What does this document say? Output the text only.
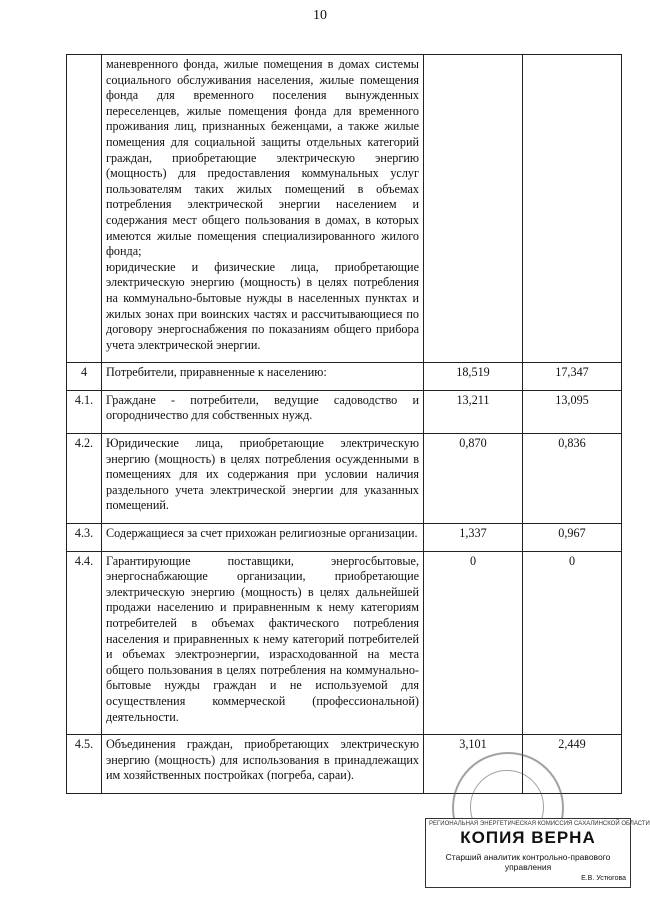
10

	маневренного фонда, жилые помещения в домах системы социального обслуживания населения, жилые помещения фонда для временного поселения вынужденных переселенцев, жилые помещения фонда для временного проживания лиц, признанных беженцами, а также жилые помещения для социальной защиты отдельных категорий граждан, приобретающие электрическую энергию (мощность) для предоставления коммунальных услуг пользователям таких жилых помещений в объемах потребления электрической энергии населением и содержания мест общего пользования в домах, в которых имеются жилые помещения специализированного жилого фонда;
юридические и физические лица, приобретающие электрическую энергию (мощность) в целях потребления на коммунально-бытовые нужды в населенных пунктах и жилых зонах при воинских частях и рассчитывающиеся по договору энергоснабжения по показаниям общего прибора учета электрической энергии.		

4	Потребители, приравненные к населению:	18,519	17,347
4.1.	Граждане - потребители, ведущие садоводство и огородничество для собственных нужд.	13,211	13,095
4.2.	Юридические лица, приобретающие электрическую энергию (мощность) в целях потребления осужденными в помещениях для их содержания при условии наличия раздельного учета электрической энергии для указанных помещений.	0,870	0,836
4.3.	Содержащиеся за счет прихожан религиозные организации.	1,337	0,967
4.4.	Гарантирующие поставщики, энергосбытовые, энергоснабжающие организации, приобретающие электрическую энергию (мощность) в целях дальнейшей продажи населению и приравненным к нему категориям потребителей в объемах фактического потребления населения и приравненных к нему категорий потребителей и объемах электроэнергии, израсходованной на места общего пользования в целях потребления на коммунально-бытовые нужды граждан и не используемой для осуществления коммерческой (профессиональной) деятельности.	0	0
4.5.	Объединения граждан, приобретающих электрическую энергию (мощность) для использования в принадлежащих им хозяйственных постройках (погреба, сараи).	3,101	2,449
РЕГИОНАЛЬНАЯ ЭНЕРГЕТИЧЕСКАЯ КОМИССИЯ САХАЛИНСКОЙ ОБЛАСТИ
КОПИЯ ВЕРНА
Старший аналитик контрольно-правового управления
Е.В. Устюгова
